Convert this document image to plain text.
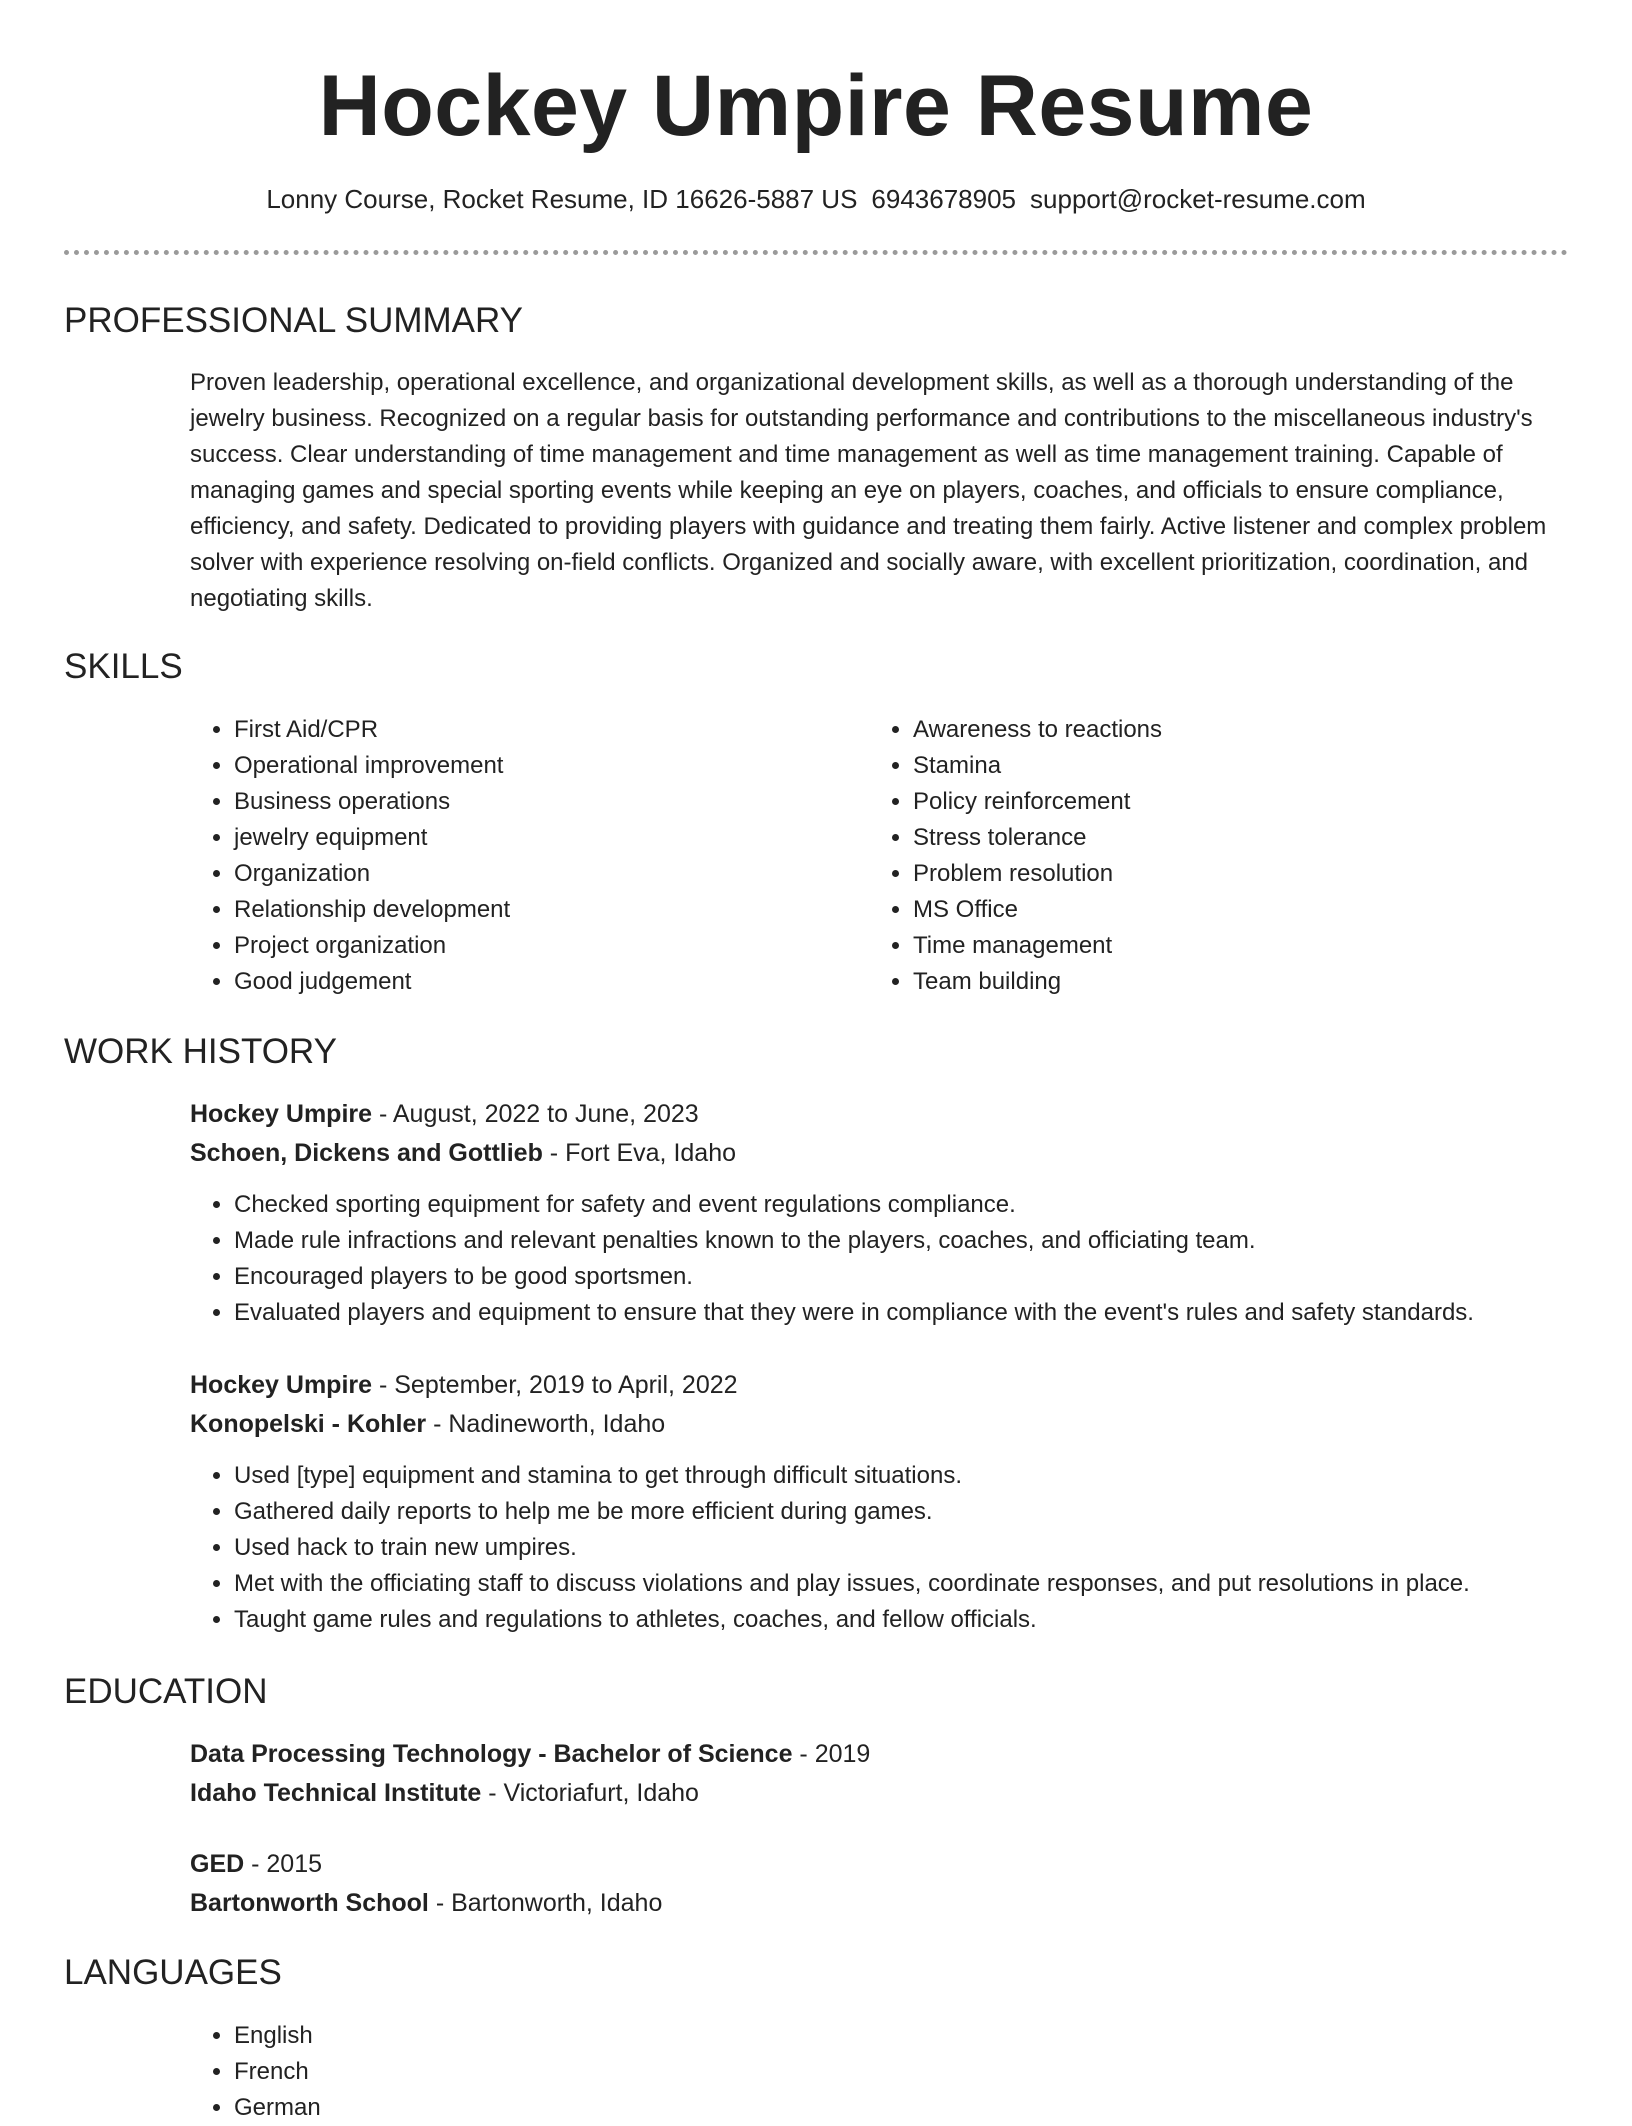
Hockey Umpire Resume
Lonny Course, Rocket Resume, ID 16626-5887 US 6943678905 support@rocket-resume.com
PROFESSIONAL SUMMARY

Proven leadership, operational excellence, and organizational development skills, as well as a thorough understanding of the jewelry business. Recognized on a regular basis for outstanding performance and contributions to the miscellaneous industry's success. Clear understanding of time management and time management as well as time management training. Capable of managing games and special sporting events while keeping an eye on players, coaches, and officials to ensure compliance, efficiency, and safety. Dedicated to providing players with guidance and treating them fairly. Active listener and complex problem solver with experience resolving on-field conflicts. Organized and socially aware, with excellent prioritization, coordination, and negotiating skills.

SKILLS
• First Aid/CPR
• Operational improvement
• Business operations
• jewelry equipment
• Organization
• Relationship development
• Project organization
• Good judgement
• Awareness to reactions
• Stamina
• Policy reinforcement
• Stress tolerance
• Problem resolution
• MS Office
• Time management
• Team building
WORK HISTORY
Hockey Umpire - August, 2022 to June, 2023
Schoen, Dickens and Gottlieb - Fort Eva, Idaho
• Checked sporting equipment for safety and event regulations compliance.
• Made rule infractions and relevant penalties known to the players, coaches, and officiating team.
• Encouraged players to be good sportsmen.
• Evaluated players and equipment to ensure that they were in compliance with the event's rules and safety standards.
Hockey Umpire - September, 2019 to April, 2022
Konopelski - Kohler - Nadineworth, Idaho
• Used [type] equipment and stamina to get through difficult situations.
• Gathered daily reports to help me be more efficient during games.
• Used hack to train new umpires.
• Met with the officiating staff to discuss violations and play issues, coordinate responses, and put resolutions in place.
• Taught game rules and regulations to athletes, coaches, and fellow officials.
EDUCATION
Data Processing Technology - Bachelor of Science - 2019
Idaho Technical Institute - Victoriafurt, Idaho
GED - 2015
Bartonworth School - Bartonworth, Idaho
LANGUAGES
• English
• French
• German
